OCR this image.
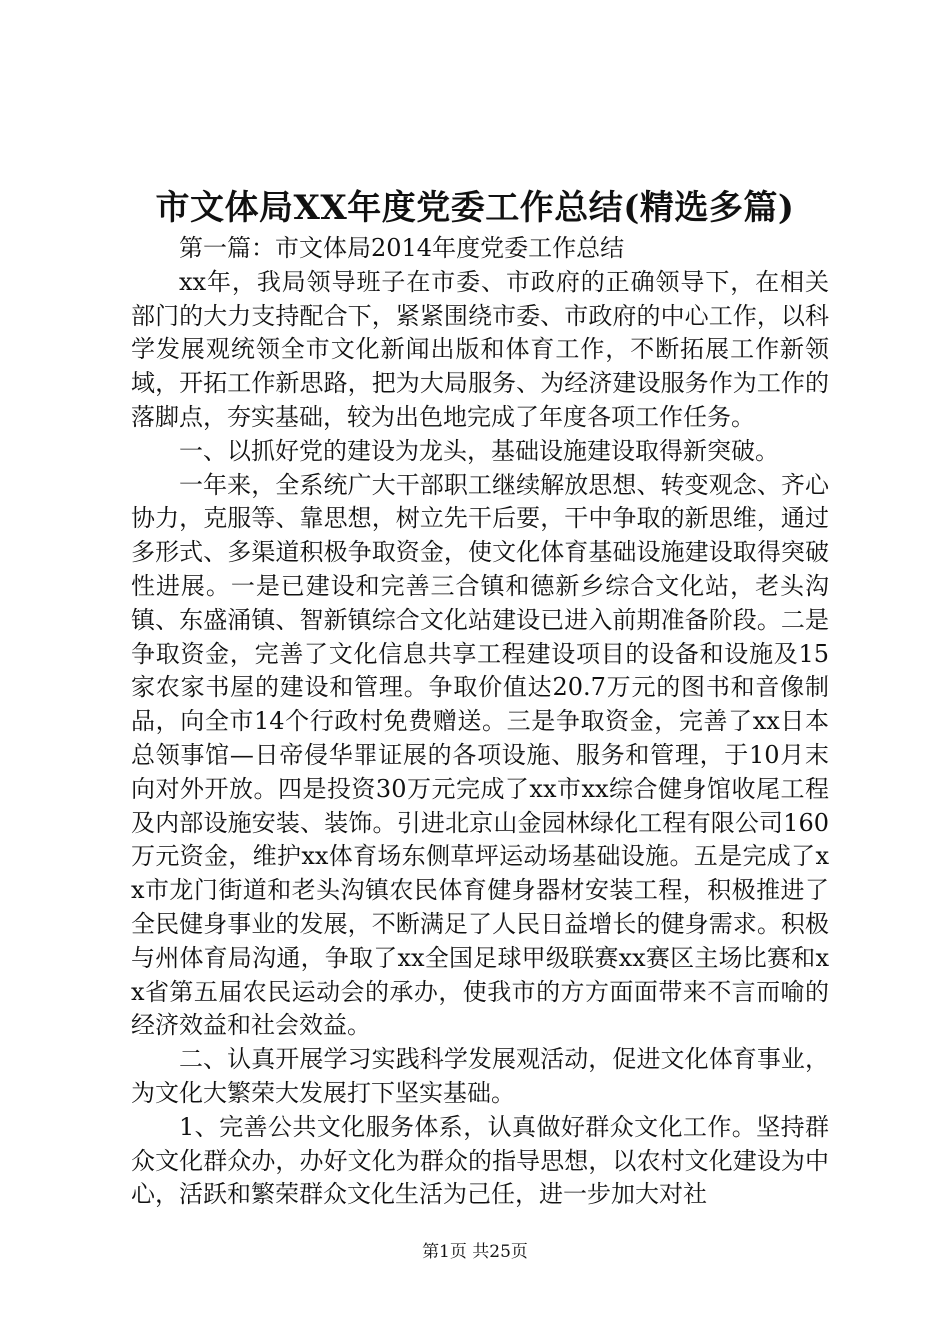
市文体局XX年度党委工作总结(精选多篇)

第一篇：市文体局2014年度党委工作总结

xx年，我局领导班子在市委、市政府的正确领导下，在相关部门的大力支持配合下，紧紧围绕市委、市政府的中心工作，以科学发展观统领全市文化新闻出版和体育工作，不断拓展工作新领域，开拓工作新思路，把为大局服务、为经济建设服务作为工作的落脚点，夯实基础，较为出色地完成了年度各项工作任务。

一、以抓好党的建设为龙头，基础设施建设取得新突破。

一年来，全系统广大干部职工继续解放思想、转变观念、齐心协力，克服等、靠思想，树立先干后要，干中争取的新思维，通过多形式、多渠道积极争取资金，使文化体育基础设施建设取得突破性进展。一是已建设和完善三合镇和德新乡综合文化站，老头沟镇、东盛涌镇、智新镇综合文化站建设已进入前期准备阶段。二是争取资金，完善了文化信息共享工程建设项目的设备和设施及15家农家书屋的建设和管理。争取价值达20.7万元的图书和音像制品，向全市14个行政村免费赠送。三是争取资金，完善了xx日本总领事馆—日帝侵华罪证展的各项设施、服务和管理，于10月末向对外开放。四是投资30万元完成了xx市xx综合健身馆收尾工程及内部设施安装、装饰。引进北京山金园林绿化工程有限公司160万元资金，维护xx体育场东侧草坪运动场基础设施。五是完成了xx市龙门街道和老头沟镇农民体育健身器材安装工程，积极推进了全民健身事业的发展，不断满足了人民日益增长的健身需求。积极与州体育局沟通，争取了xx全国足球甲级联赛xx赛区主场比赛和xx省第五届农民运动会的承办，使我市的方方面面带来不言而喻的经济效益和社会效益。

二、认真开展学习实践科学发展观活动，促进文化体育事业，为文化大繁荣大发展打下坚实基础。

1、完善公共文化服务体系，认真做好群众文化工作。坚持群众文化群众办，办好文化为群众的指导思想，以农村文化建设为中心，活跃和繁荣群众文化生活为己任，进一步加大对社

第1页 共25页
